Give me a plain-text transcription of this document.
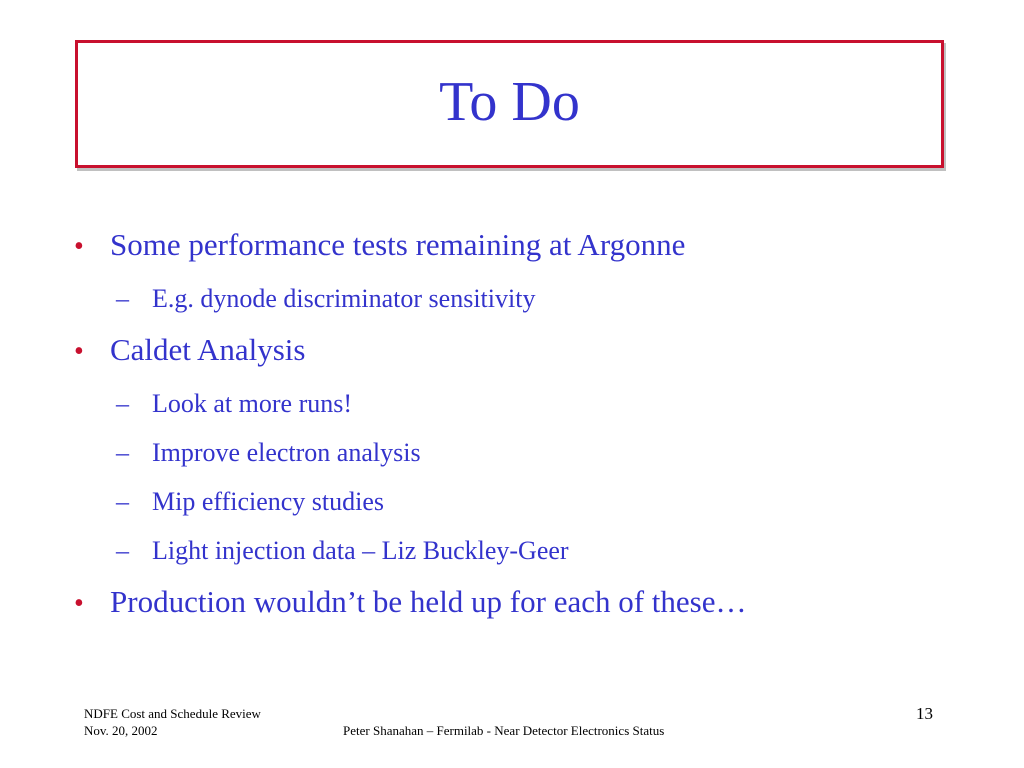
To Do
• Some performance tests remaining at Argonne
– E.g. dynode discriminator sensitivity
• Caldet Analysis
– Look at more runs!
– Improve electron analysis
– Mip efficiency studies
– Light injection data – Liz Buckley-Geer
• Production wouldn’t be held up for each of these…
NDFE Cost and Schedule Review
Nov. 20, 2002	Peter Shanahan – Fermilab - Near Detector Electronics Status
13
